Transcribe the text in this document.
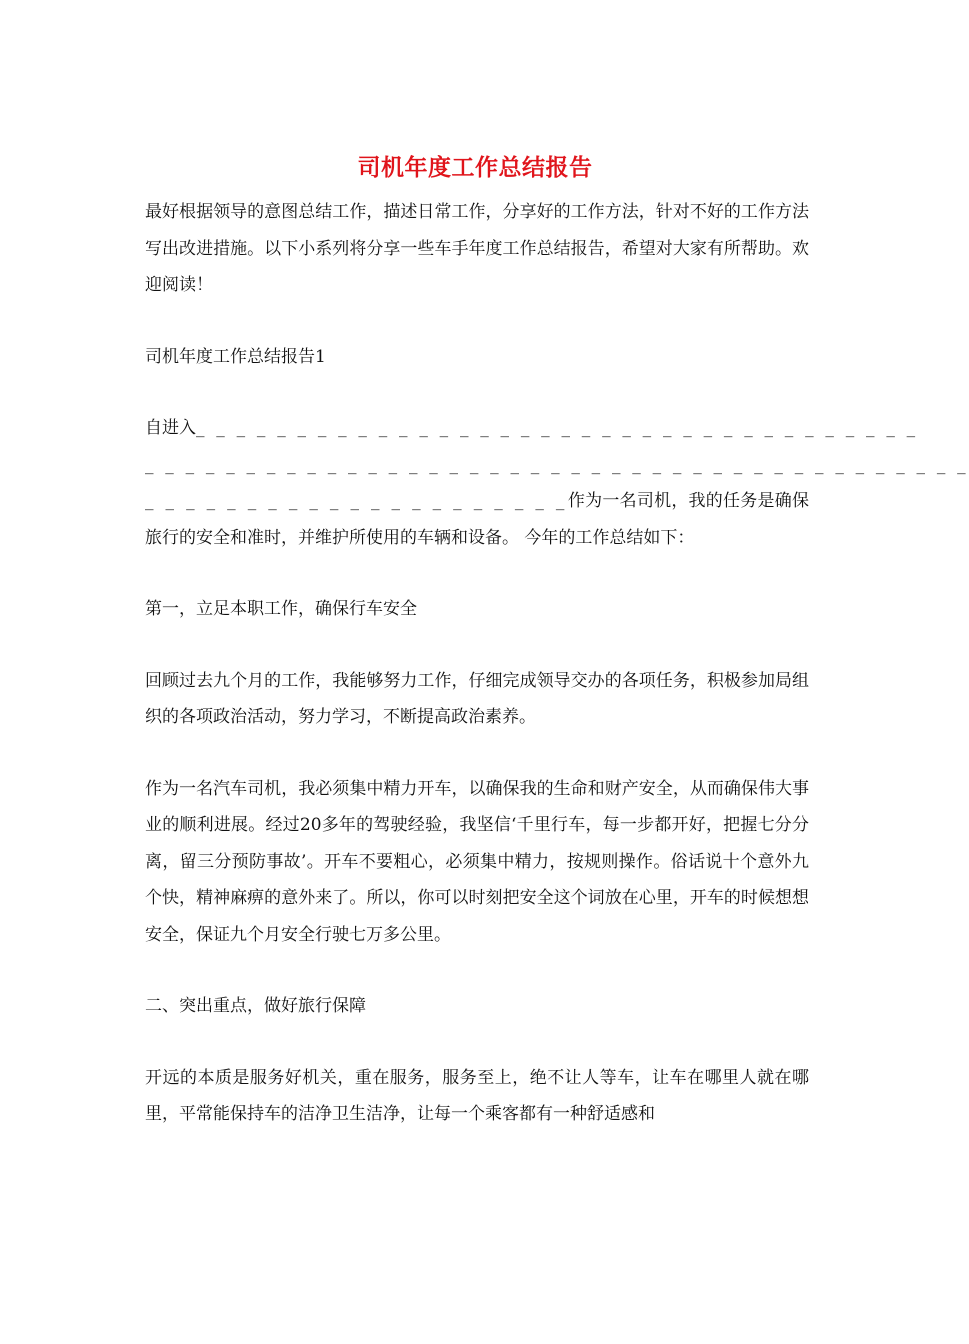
司机年度工作总结报告

最好根据领导的意图总结工作，描述日常工作，分享好的工作方法，针对不好的工作方法写出改进措施。以下小系列将分享一些车手年度工作总结报告，希望对大家有所帮助。欢迎阅读！

司机年度工作总结报告1

自进入_ _ _ _ _ _ _ _ _ _ _ _ _ _ _ _ _ _ _ _ _ _ _ _ _ _ _ _ _ _ _ _ _ _ _ _
_ _ _ _ _ _ _ _ _ _ _ _ _ _ _ _ _ _ _ _ _ _ _ _ _ _ _ _ _ _ _ _ _ _ _ _ _ _ _ _ _
_ _ _ _ _ _ _ _ _ _ _ _ _ _ _ _ _ _ _ _ _作为一名司机，我的任务是确保旅行的安全和准时，并维护所使用的车辆和设备。 今年的工作总结如下：

第一，立足本职工作，确保行车安全

回顾过去九个月的工作，我能够努力工作，仔细完成领导交办的各项任务，积极参加局组织的各项政治活动，努力学习，不断提高政治素养。

作为一名汽车司机，我必须集中精力开车，以确保我的生命和财产安全，从而确保伟大事业的顺利进展。经过20多年的驾驶经验，我坚信‘千里行车，每一步都开好，把握七分分离，留三分预防事故’。开车不要粗心，必须集中精力，按规则操作。俗话说十个意外九个快，精神麻痹的意外来了。所以，你可以时刻把安全这个词放在心里，开车的时候想想安全，保证九个月安全行驶七万多公里。

二、突出重点，做好旅行保障

开远的本质是服务好机关，重在服务，服务至上，绝不让人等车，让车在哪里人就在哪里，平常能保持车的洁净卫生洁净，让每一个乘客都有一种舒适感和
